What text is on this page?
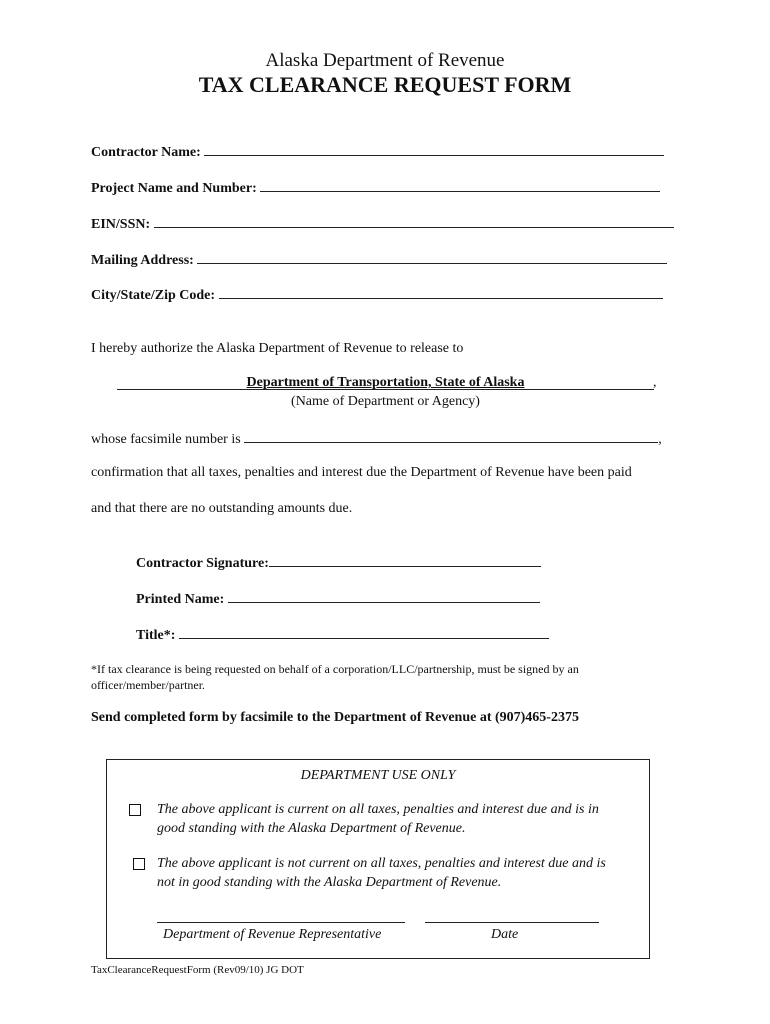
Alaska Department of Revenue
TAX CLEARANCE REQUEST FORM
Contractor Name:
Project Name and Number:
EIN/SSN:
Mailing Address:
City/State/Zip Code:
I hereby authorize the Alaska Department of Revenue to release to
Department of Transportation, State of Alaska	,
(Name of Department or Agency)
whose facsimile number is	,
confirmation that all taxes, penalties and interest due the Department of Revenue have been paid
and that there are no outstanding amounts due.
Contractor Signature:
Printed Name:
Title*:
*If tax clearance is being requested on behalf of a corporation/LLC/partnership, must be signed by an officer/member/partner.
Send completed form by facsimile to the Department of Revenue at (907)465-2375
DEPARTMENT USE ONLY
The above applicant is current on all taxes, penalties and interest due and is in good standing with the Alaska Department of Revenue.
The above applicant is not current on all taxes, penalties and interest due and is not in good standing with the Alaska Department of Revenue.
Department of Revenue Representative	Date
TaxClearanceRequestForm (Rev09/10) JG DOT
